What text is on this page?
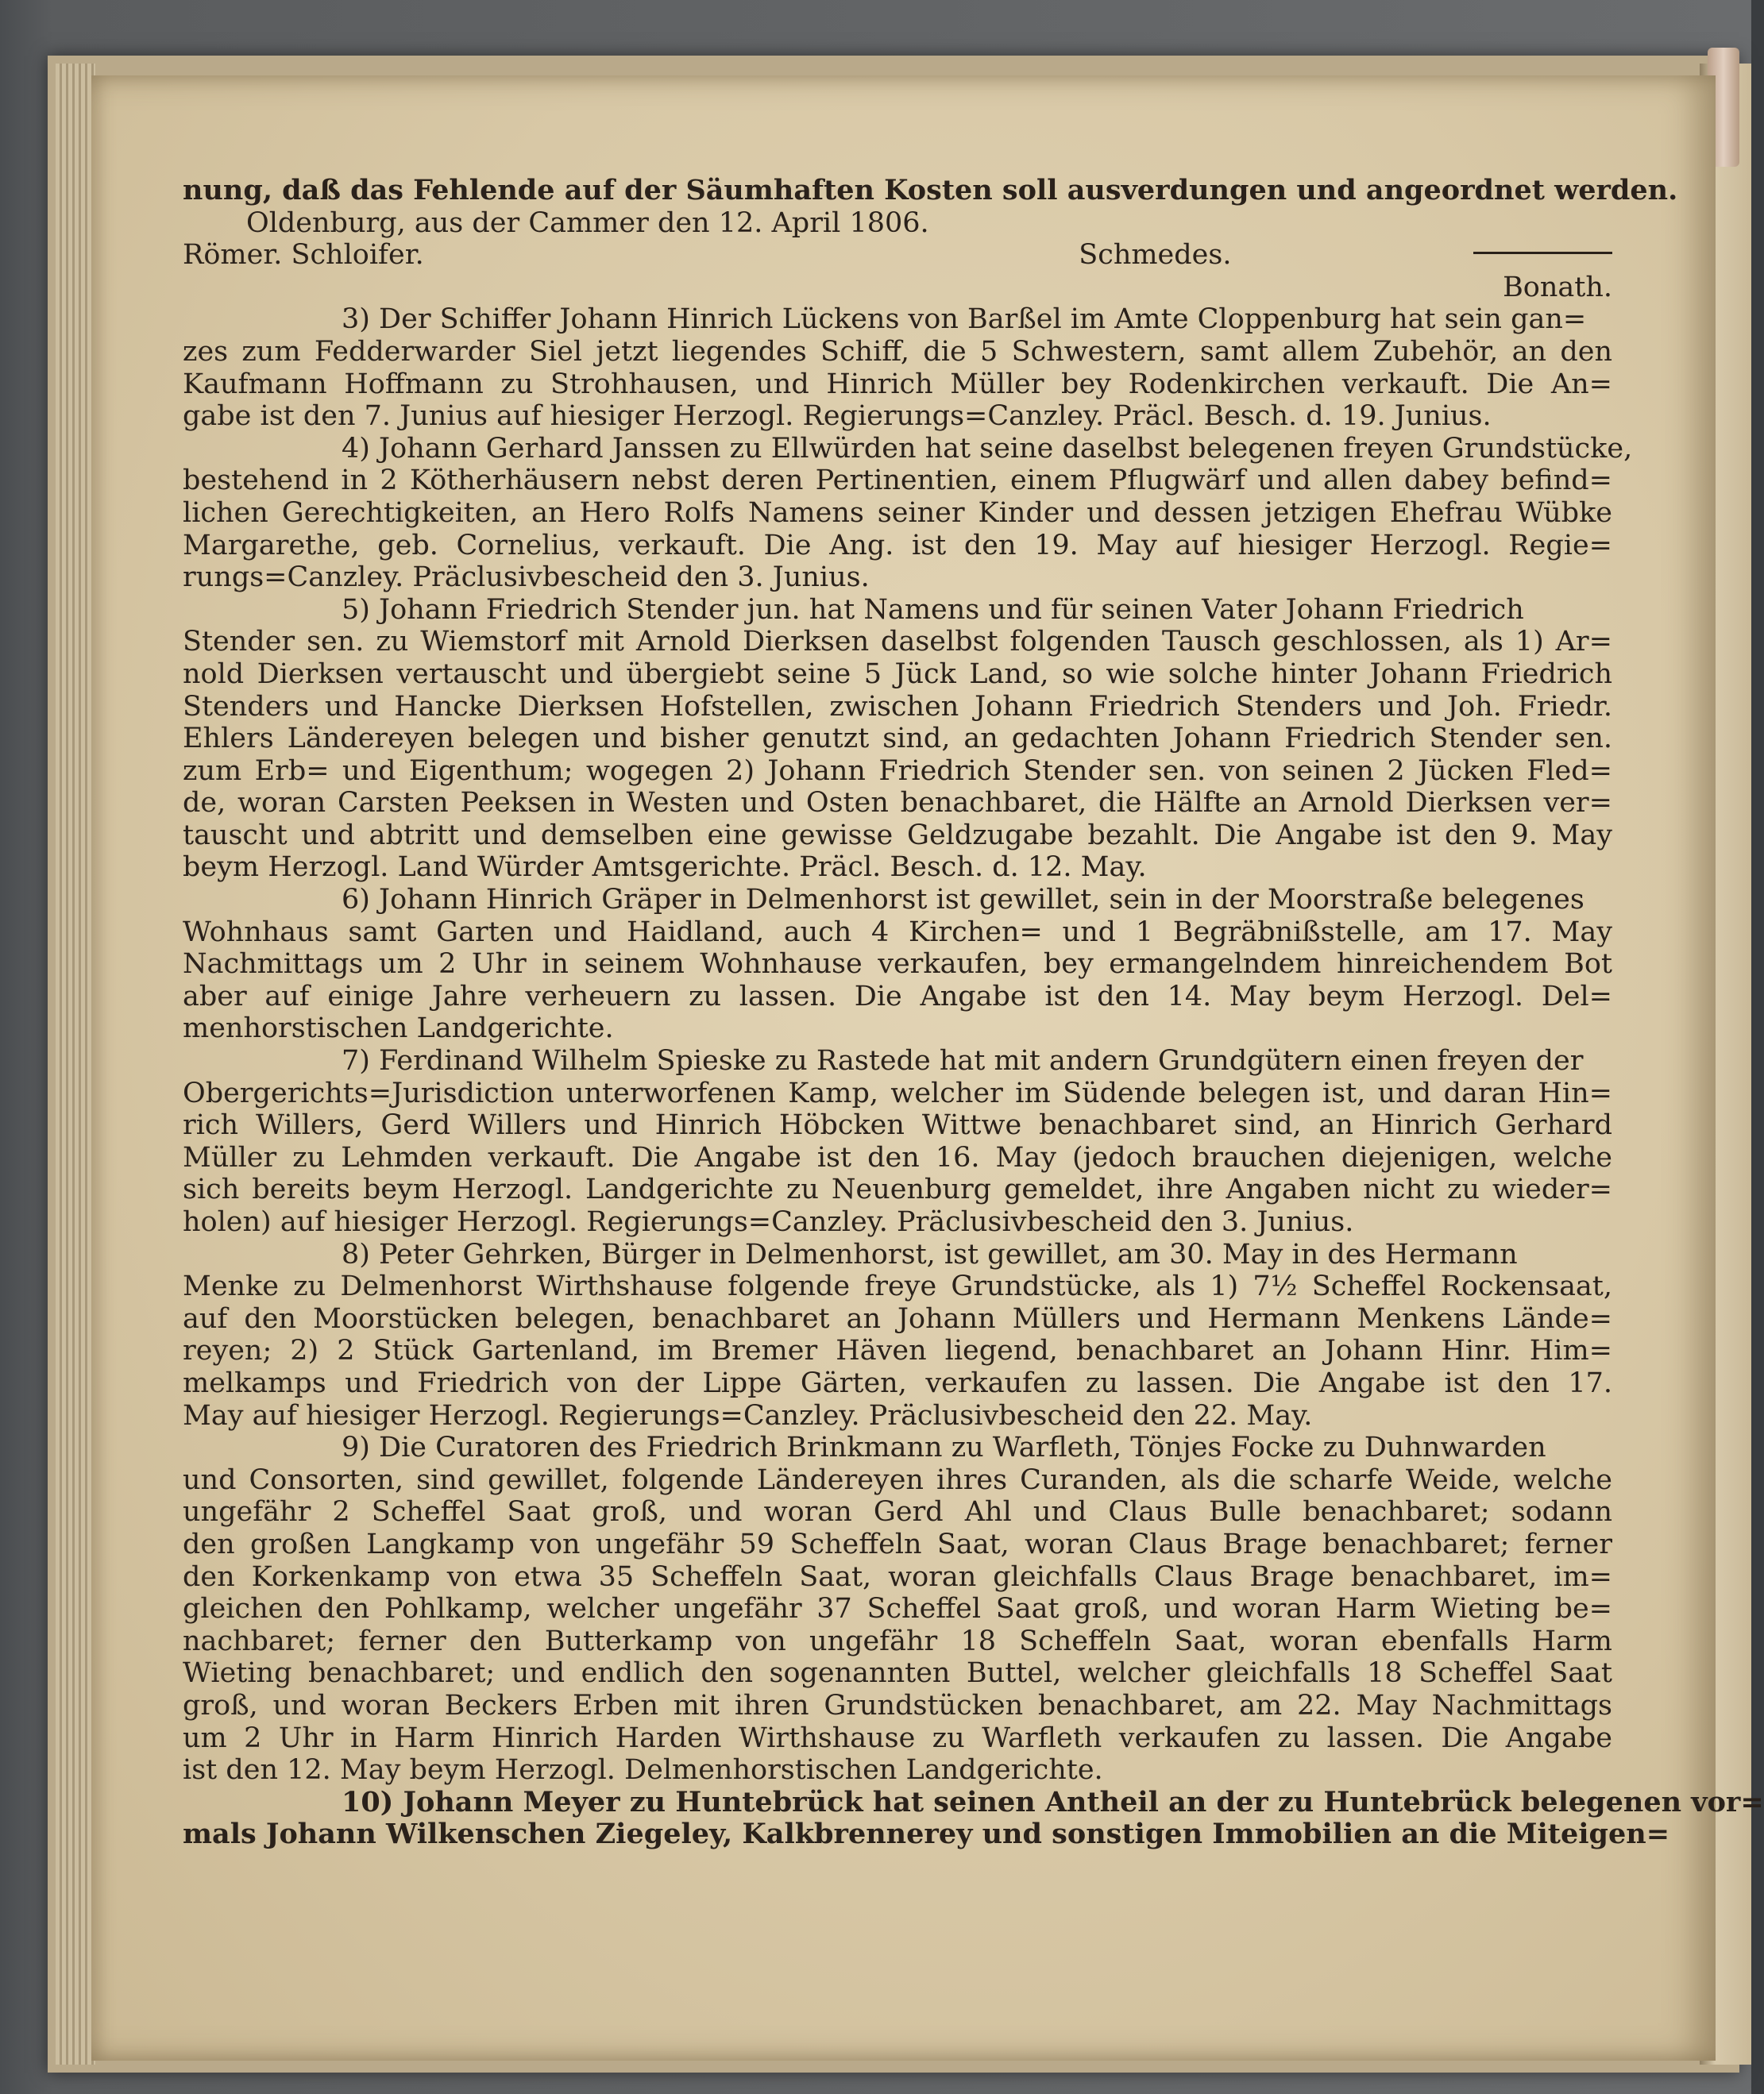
nung, daß das Fehlende auf der Säumhaften Kosten soll ausverdungen und angeordnet werden.
Oldenburg, aus der Cammer den 12. April 1806.
Römer. Schloifer.	Schmedes.
Bonath.
3) Der Schiffer Johann Hinrich Lückens von Barßel im Amte Cloppenburg hat sein gan=
zes zum Fedderwarder Siel jetzt liegendes Schiff, die 5 Schwestern, samt allem Zubehör, an den
Kaufmann Hoffmann zu Strohhausen, und Hinrich Müller bey Rodenkirchen verkauft. Die An=
gabe ist den 7. Junius auf hiesiger Herzogl. Regierungs=Canzley. Präcl. Besch. d. 19. Junius.
4) Johann Gerhard Janssen zu Ellwürden hat seine daselbst belegenen freyen Grundstücke,
bestehend in 2 Kötherhäusern nebst deren Pertinentien, einem Pflugwärf und allen dabey befind=
lichen Gerechtigkeiten, an Hero Rolfs Namens seiner Kinder und dessen jetzigen Ehefrau Wübke
Margarethe, geb. Cornelius, verkauft. Die Ang. ist den 19. May auf hiesiger Herzogl. Regie=
rungs=Canzley. Präclusivbescheid den 3. Junius.
5) Johann Friedrich Stender jun. hat Namens und für seinen Vater Johann Friedrich
Stender sen. zu Wiemstorf mit Arnold Dierksen daselbst folgenden Tausch geschlossen, als 1) Ar=
nold Dierksen vertauscht und übergiebt seine 5 Jück Land, so wie solche hinter Johann Friedrich
Stenders und Hancke Dierksen Hofstellen, zwischen Johann Friedrich Stenders und Joh. Friedr.
Ehlers Ländereyen belegen und bisher genutzt sind, an gedachten Johann Friedrich Stender sen.
zum Erb= und Eigenthum; wogegen 2) Johann Friedrich Stender sen. von seinen 2 Jücken Fled=
de, woran Carsten Peeksen in Westen und Osten benachbaret, die Hälfte an Arnold Dierksen ver=
tauscht und abtritt und demselben eine gewisse Geldzugabe bezahlt. Die Angabe ist den 9. May
beym Herzogl. Land Würder Amtsgerichte. Präcl. Besch. d. 12. May.
6) Johann Hinrich Gräper in Delmenhorst ist gewillet, sein in der Moorstraße belegenes
Wohnhaus samt Garten und Haidland, auch 4 Kirchen= und 1 Begräbnißstelle, am 17. May
Nachmittags um 2 Uhr in seinem Wohnhause verkaufen, bey ermangelndem hinreichendem Bot
aber auf einige Jahre verheuern zu lassen. Die Angabe ist den 14. May beym Herzogl. Del=
menhorstischen Landgerichte.
7) Ferdinand Wilhelm Spieske zu Rastede hat mit andern Grundgütern einen freyen der
Obergerichts=Jurisdiction unterworfenen Kamp, welcher im Südende belegen ist, und daran Hin=
rich Willers, Gerd Willers und Hinrich Höbcken Wittwe benachbaret sind, an Hinrich Gerhard
Müller zu Lehmden verkauft. Die Angabe ist den 16. May (jedoch brauchen diejenigen, welche
sich bereits beym Herzogl. Landgerichte zu Neuenburg gemeldet, ihre Angaben nicht zu wieder=
holen) auf hiesiger Herzogl. Regierungs=Canzley. Präclusivbescheid den 3. Junius.
8) Peter Gehrken, Bürger in Delmenhorst, ist gewillet, am 30. May in des Hermann
Menke zu Delmenhorst Wirthshause folgende freye Grundstücke, als 1) 7½ Scheffel Rockensaat,
auf den Moorstücken belegen, benachbaret an Johann Müllers und Hermann Menkens Lände=
reyen; 2) 2 Stück Gartenland, im Bremer Häven liegend, benachbaret an Johann Hinr. Him=
melkamps und Friedrich von der Lippe Gärten, verkaufen zu lassen. Die Angabe ist den 17.
May auf hiesiger Herzogl. Regierungs=Canzley. Präclusivbescheid den 22. May.
9) Die Curatoren des Friedrich Brinkmann zu Warfleth, Tönjes Focke zu Duhnwarden
und Consorten, sind gewillet, folgende Ländereyen ihres Curanden, als die scharfe Weide, welche
ungefähr 2 Scheffel Saat groß, und woran Gerd Ahl und Claus Bulle benachbaret; sodann
den großen Langkamp von ungefähr 59 Scheffeln Saat, woran Claus Brage benachbaret; ferner
den Korkenkamp von etwa 35 Scheffeln Saat, woran gleichfalls Claus Brage benachbaret, im=
gleichen den Pohlkamp, welcher ungefähr 37 Scheffel Saat groß, und woran Harm Wieting be=
nachbaret; ferner den Butterkamp von ungefähr 18 Scheffeln Saat, woran ebenfalls Harm
Wieting benachbaret; und endlich den sogenannten Buttel, welcher gleichfalls 18 Scheffel Saat
groß, und woran Beckers Erben mit ihren Grundstücken benachbaret, am 22. May Nachmittags
um 2 Uhr in Harm Hinrich Harden Wirthshause zu Warfleth verkaufen zu lassen. Die Angabe
ist den 12. May beym Herzogl. Delmenhorstischen Landgerichte.
10) Johann Meyer zu Huntebrück hat seinen Antheil an der zu Huntebrück belegenen vor=
mals Johann Wilkenschen Ziegeley, Kalkbrennerey und sonstigen Immobilien an die Miteigen=
